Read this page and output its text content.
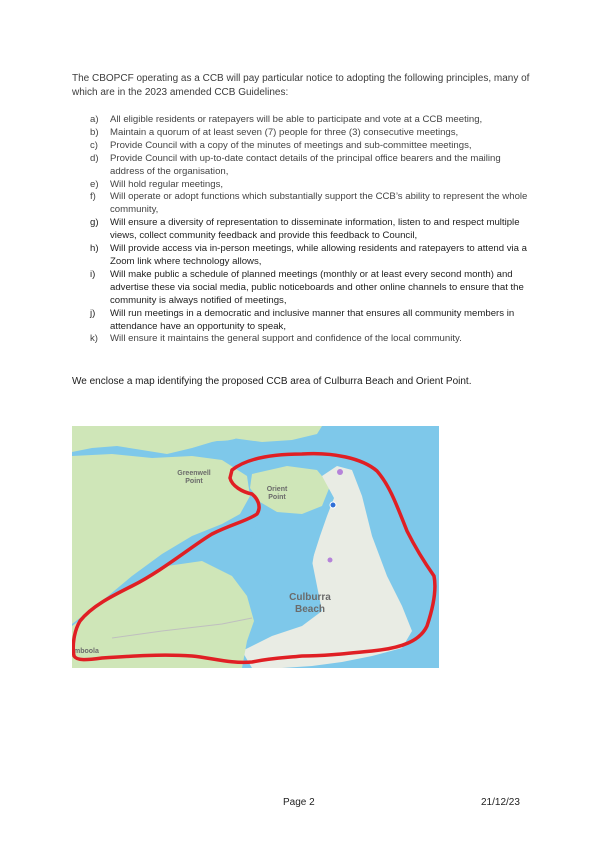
The CBOPCF operating as a CCB will pay particular notice to adopting the following principles, many of which are in the 2023 amended CCB Guidelines:

a) All eligible residents or ratepayers will be able to participate and vote at a CCB meeting,
b) Maintain a quorum of at least seven (7) people for three (3) consecutive meetings,
c) Provide Council with a copy of the minutes of meetings and sub-committee meetings,
d) Provide Council with up-to-date contact details of the principal office bearers and the mailing address of the organisation,
e) Will hold regular meetings,
f) Will operate or adopt functions which substantially support the CCB’s ability to represent the whole community,
g) Will ensure a diversity of representation to disseminate information, listen to and respect multiple views, collect community feedback and provide this feedback to Council,
h) Will provide access via in-person meetings, while allowing residents and ratepayers to attend via a Zoom link where technology allows,
i) Will make public a schedule of planned meetings (monthly or at least every second month) and advertise these via social media, public noticeboards and other online channels to ensure that the community is always notified of meetings,
j) Will run meetings in a democratic and inclusive manner that ensures all community members in attendance have an opportunity to speak,
k) Will ensure it maintains the general support and confidence of the local community.

We enclose a map identifying the proposed CCB area of Culburra Beach and Orient Point.

Greenwell
Point
Orient
Point
Culburra
Beach
mboola
Page 2	21/12/23
